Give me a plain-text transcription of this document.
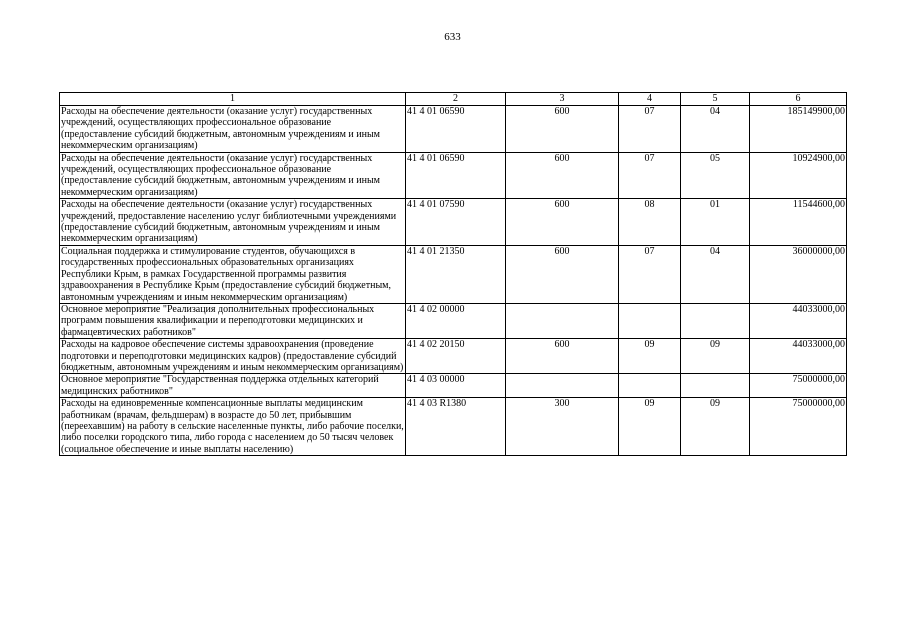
633
1	2	3	4	5	6
Расходы на обеспечение деятельности (оказание услуг) государственных учреждений, осуществляющих профессиональное образование (предоставление субсидий бюджетным, автономным учреждениям и иным некоммерческим организациям)	41 4 01 06590	600	07	04	185149900,00
Расходы на обеспечение деятельности (оказание услуг) государственных учреждений, осуществляющих профессиональное образование (предоставление субсидий бюджетным, автономным учреждениям и иным некоммерческим организациям)	41 4 01 06590	600	07	05	10924900,00
Расходы на обеспечение деятельности (оказание услуг) государственных учреждений, предоставление населению услуг библиотечными учреждениями (предоставление субсидий бюджетным, автономным учреждениям и иным некоммерческим организациям)	41 4 01 07590	600	08	01	11544600,00
Социальная поддержка и стимулирование студентов, обучающихся в государственных профессиональных образовательных организациях Республики Крым, в рамках Государственной программы развития здравоохранения в Республике Крым (предоставление субсидий бюджетным, автономным учреждениям и иным некоммерческим организациям)	41 4 01 21350	600	07	04	36000000,00
Основное мероприятие "Реализация дополнительных профессиональных программ повышения квалификации и переподготовки медицинских и фармацевтических работников"	41 4 02 00000				44033000,00
Расходы на кадровое обеспечение системы здравоохранения (проведение подготовки и переподготовки медицинских кадров) (предоставление субсидий бюджетным, автономным учреждениям и иным некоммерческим организациям)	41 4 02 20150	600	09	09	44033000,00
Основное мероприятие "Государственная поддержка отдельных категорий медицинских работников"	41 4 03 00000				75000000,00
Расходы на единовременные компенсационные выплаты медицинским работникам (врачам, фельдшерам) в возрасте до 50 лет, прибывшим (переехавшим) на работу в сельские населенные пункты, либо рабочие поселки, либо поселки городского типа, либо города с населением до 50 тысяч человек (социальное обеспечение и иные выплаты населению)	41 4 03 R1380	300	09	09	75000000,00
